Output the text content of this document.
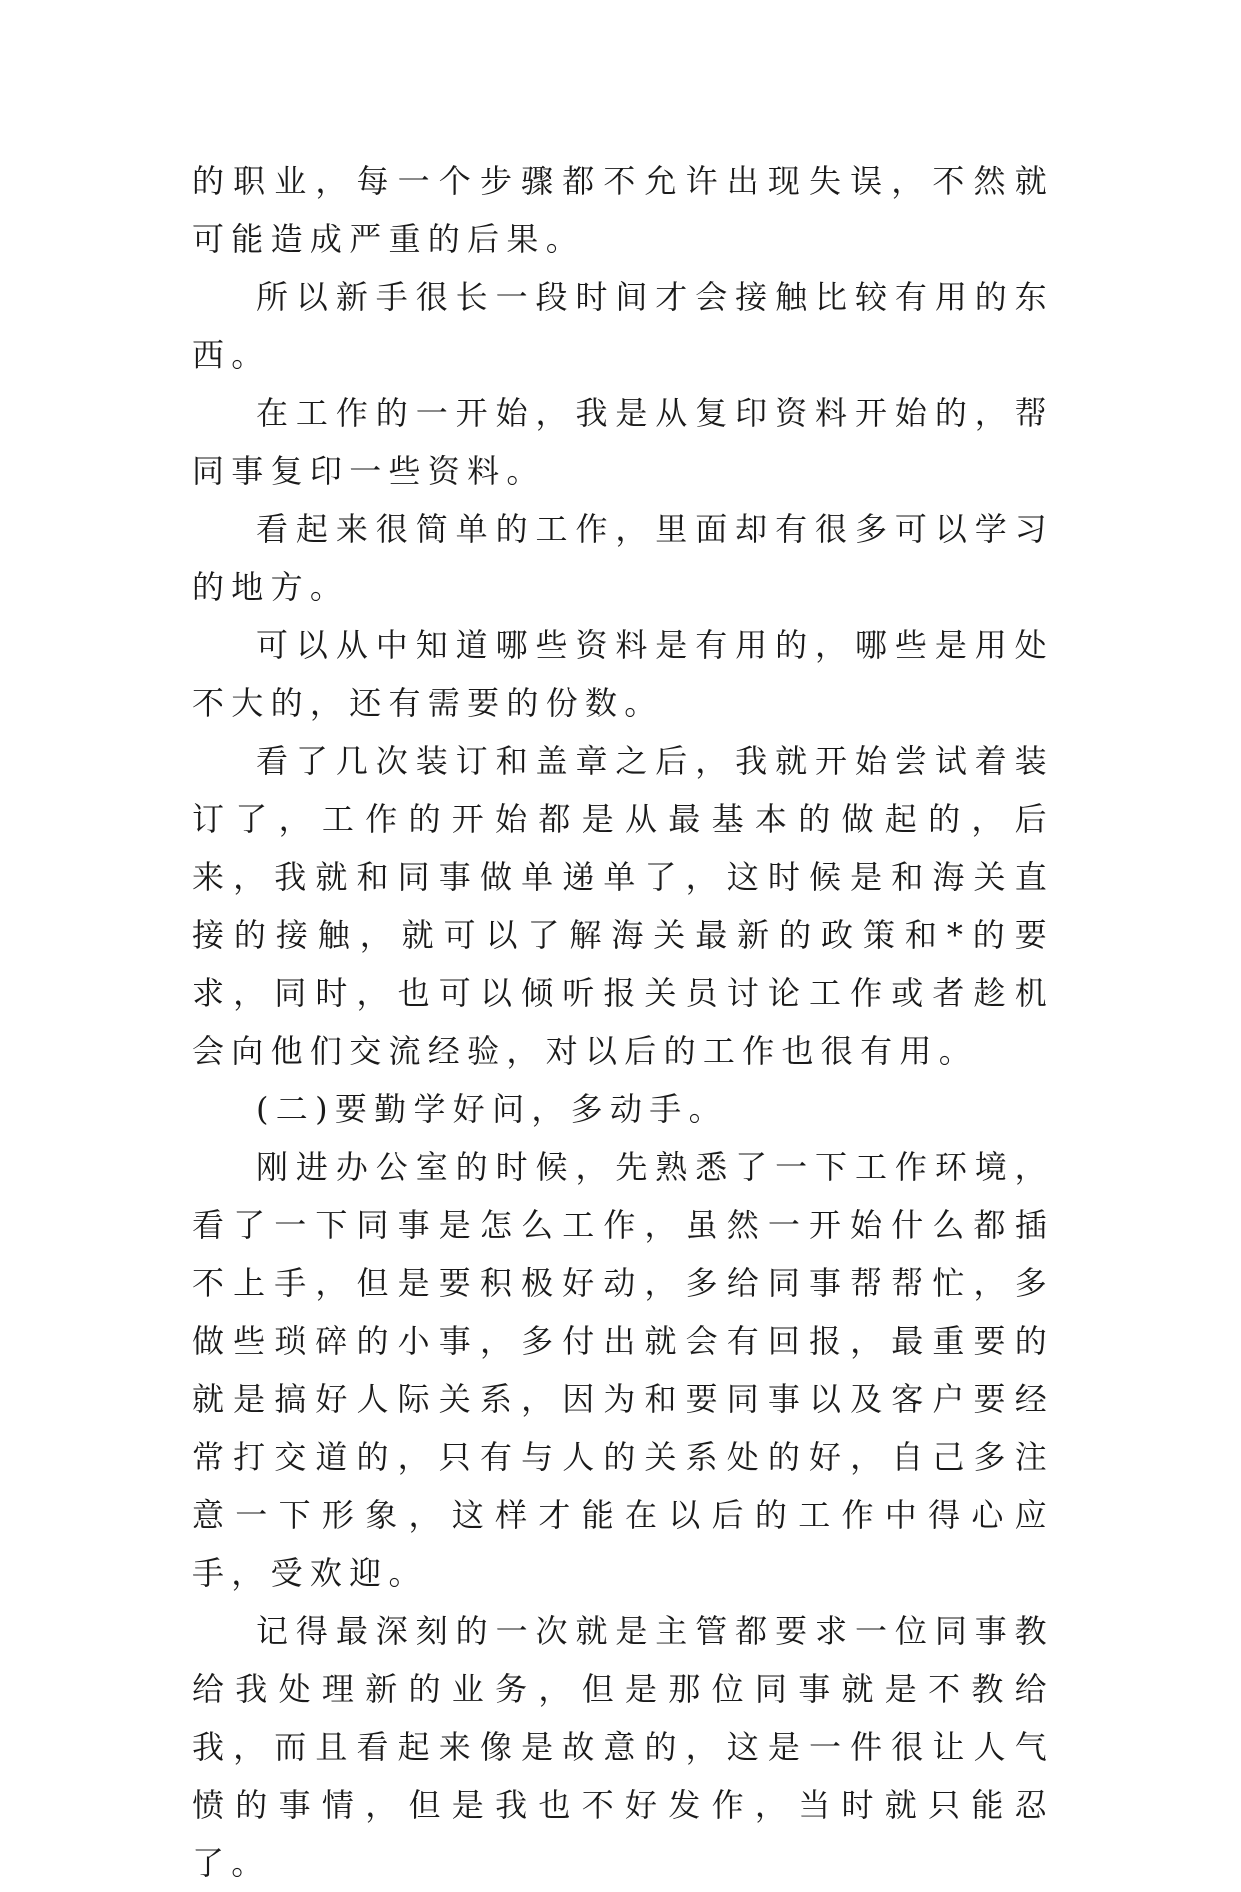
的职业，每一个步骤都不允许出现失误，不然就可能造成严重的后果。

所以新手很长一段时间才会接触比较有用的东西。

在工作的一开始，我是从复印资料开始的，帮同事复印一些资料。

看起来很简单的工作，里面却有很多可以学习的地方。

可以从中知道哪些资料是有用的，哪些是用处不大的，还有需要的份数。

看了几次装订和盖章之后，我就开始尝试着装订了，工作的开始都是从最基本的做起的，后来，我就和同事做单递单了，这时候是和海关直接的接触，就可以了解海关最新的政策和*的要求，同时，也可以倾听报关员讨论工作或者趁机会向他们交流经验，对以后的工作也很有用。

(二)要勤学好问，多动手。

刚进办公室的时候，先熟悉了一下工作环境，看了一下同事是怎么工作，虽然一开始什么都插不上手，但是要积极好动，多给同事帮帮忙，多做些琐碎的小事，多付出就会有回报，最重要的就是搞好人际关系，因为和要同事以及客户要经常打交道的，只有与人的关系处的好，自己多注意一下形象，这样才能在以后的工作中得心应手，受欢迎。

记得最深刻的一次就是主管都要求一位同事教给我处理新的业务，但是那位同事就是不教给我，而且看起来像是故意的，这是一件很让人气愤的事情，但是我也不好发作，当时就只能忍了。
